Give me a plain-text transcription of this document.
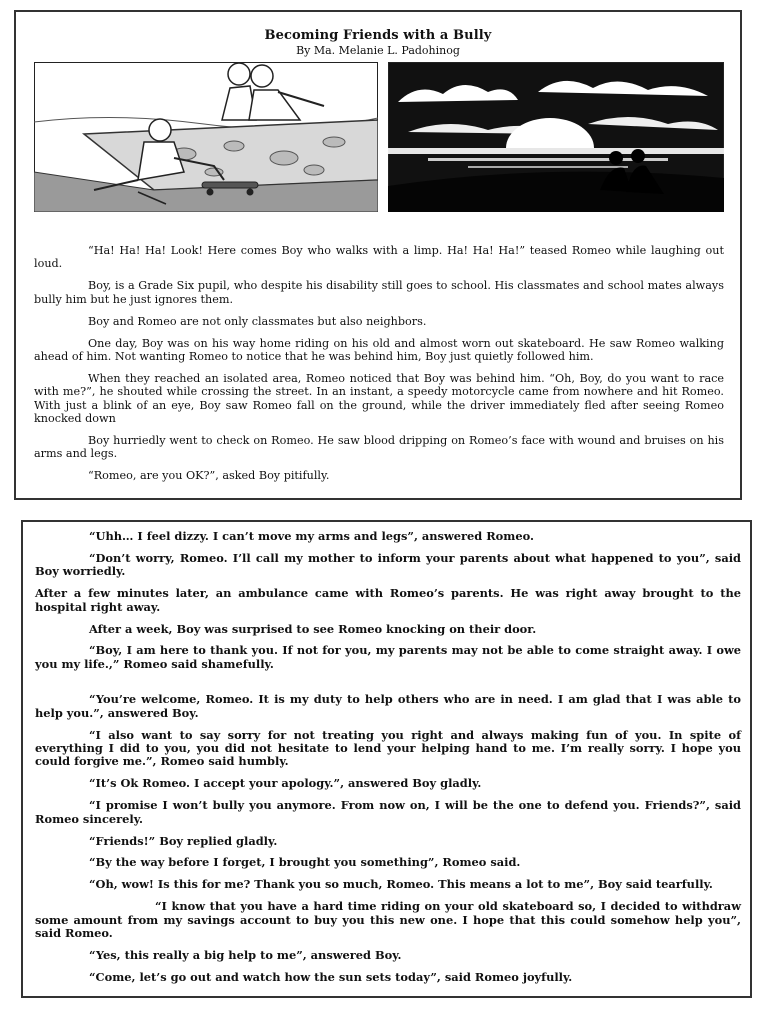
Becoming Friends with a Bully
By Ma. Melanie L. Padohinog

“Ha! Ha! Ha! Look! Here comes Boy who walks with a limp. Ha! Ha! Ha!” teased Romeo while laughing out loud.

Boy, is a Grade Six pupil, who despite his disability still goes to school. His classmates and school mates always bully him but he just ignores them.

Boy and Romeo are not only classmates but also neighbors.

One day, Boy was on his way home riding on his old and almost worn out skateboard. He saw Romeo walking ahead of him. Not wanting Romeo to notice that he was behind him, Boy just quietly followed him.

When they reached an isolated area, Romeo noticed that Boy was behind him. “Oh, Boy, do you want to race with me?”, he shouted while crossing the street. In an instant, a speedy motorcycle came from nowhere and hit Romeo. With just a blink of an eye, Boy saw Romeo fall on the ground, while the driver immediately fled after seeing Romeo knocked down

Boy hurriedly went to check on Romeo. He saw blood dripping on Romeo’s face with wound and bruises on his arms and legs.

“Romeo, are you OK?”, asked Boy pitifully.

“Uhh… I feel dizzy. I can’t move my arms and legs”, answered Romeo.

“Don’t worry, Romeo. I’ll call my mother to inform your parents about what happened to you”, said Boy worriedly.

After a few minutes later, an ambulance came with Romeo’s parents. He was right away brought to the hospital right away.

After a week, Boy was surprised to see Romeo knocking on their door.

“Boy, I am here to thank you. If not for you, my parents may not be able to come straight away. I owe you my life.,” Romeo said shamefully.

“You’re welcome, Romeo. It is my duty to help others who are in need. I am glad that I was able to help you.”, answered Boy.

“I also want to say sorry for not treating you right and always making fun of you. In spite of everything I did to you, you did not hesitate to lend your helping hand to me. I’m really sorry. I hope you could forgive me.”, Romeo said humbly.

“It’s Ok Romeo. I accept your apology.”, answered Boy gladly.

“I promise I won’t bully you anymore. From now on, I will be the one to defend you. Friends?”, said Romeo sincerely.

“Friends!” Boy replied gladly.

“By the way before I forget, I brought you something”, Romeo said.

“Oh, wow! Is this for me? Thank you so much, Romeo. This means a lot to me”, Boy said tearfully.

“I know that you have a hard time riding on your old skateboard so, I decided to withdraw some amount from my savings account to buy you this new one. I hope that this could somehow help you”, said Romeo.

“Yes, this really a big help to me”, answered Boy.

“Come, let’s go out and watch how the sun sets today”, said Romeo joyfully.
